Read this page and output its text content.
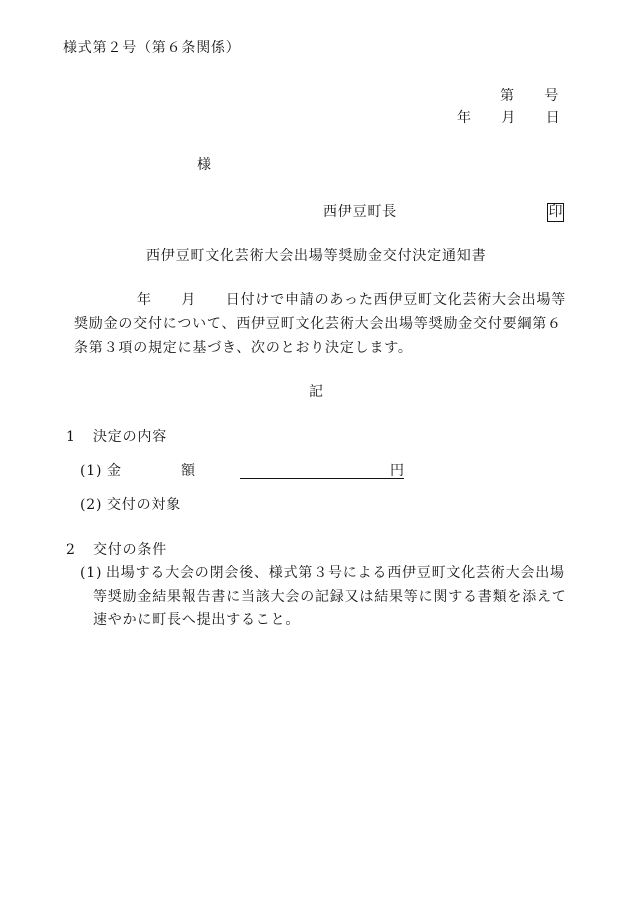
様式第２号（第６条関係）
第　　号
年　　月　　日
様
西伊豆町長	印
西伊豆町文化芸術大会出場等奨励金交付決定通知書
年　　月　　日付けで申請のあった西伊豆町文化芸術大会出場等
奨励金の交付について、西伊豆町文化芸術大会出場等奨励金交付要綱第６
条第３項の規定に基づき、次のとおり決定します。
記
1 決定の内容
(1) 金　　　　額	円
(2) 交付の対象
2 交付の条件
(1) 出場する大会の閉会後、様式第３号による西伊豆町文化芸術大会出場
等奨励金結果報告書に当該大会の記録又は結果等に関する書類を添えて
速やかに町長へ提出すること。
